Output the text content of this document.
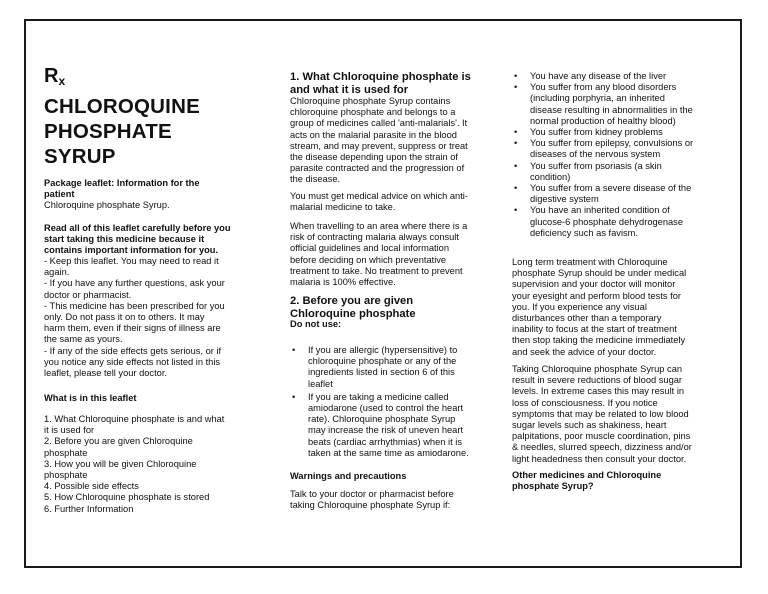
$R_x$
CHLOROQUINE
PHOSPHATE
SYRUP
Package leaflet: Information for the
patient
Chloroquine phosphate Syrup.
Read all of this leaflet carefully before you
start taking this medicine because it
contains important information for you.
- Keep this leaflet. You may need to read it
again.
- If you have any further questions, ask your
doctor or pharmacist.
- This medicine has been prescribed for you
only. Do not pass it on to others. It may
harm them, even if their signs of illness are
the same as yours.
- If any of the side effects gets serious, or if
you notice any side effects not listed in this
leaflet, please tell your doctor.
What is in this leaflet
1. What Chloroquine phosphate is and what
it is used for
2. Before you are given Chloroquine
phosphate
3. How you will be given Chloroquine
phosphate
4. Possible side effects
5. How Chloroquine phosphate is stored
6. Further Information
1. What Chloroquine phosphate is
and what it is used for
Chloroquine phosphate Syrup contains
chloroquine phosphate and belongs to a
group of medicines called 'anti-malarials'. It
acts on the malarial parasite in the blood
stream, and may prevent, suppress or treat
the disease depending upon the strain of
parasite contracted and the progression of
the disease.
You must get medical advice on which anti-
malarial medicine to take.
When travelling to an area where there is a
risk of contracting malaria always consult
official guidelines and local information
before deciding on which preventative
treatment to take. No treatment to prevent
malaria is 100% effective.
2. Before you are given
Chloroquine phosphate
Do not use:
• If you are allergic (hypersensitive) to
chloroquine phosphate or any of the
ingredients listed in section 6 of this
leaflet
• If you are taking a medicine called
amiodarone (used to control the heart
rate). Chloroquine phosphate Syrup
may increase the risk of uneven heart
beats (cardiac arrhythmias) when it is
taken at the same time as amiodarone.
Warnings and precautions
Talk to your doctor or pharmacist before
taking Chloroquine phosphate Syrup if:
• You have any disease of the liver
• You suffer from any blood disorders
(including porphyria, an inherited
disease resulting in abnormalities in the
normal production of healthy blood)
• You suffer from kidney problems
• You suffer from epilepsy, convulsions or
diseases of the nervous system
• You suffer from psoriasis (a skin
condition)
• You suffer from a severe disease of the
digestive system
• You have an inherited condition of
glucose-6 phosphate dehydrogenase
deficiency such as favism.
Long term treatment with Chloroquine
phosphate Syrup should be under medical
supervision and your doctor will monitor
your eyesight and perform blood tests for
you. If you experience any visual
disturbances other than a temporary
inability to focus at the start of treatment
then stop taking the medicine immediately
and seek the advice of your doctor.
Taking Chloroquine phosphate Syrup can
result in severe reductions of blood sugar
levels. In extreme cases this may result in
loss of consciousness. If you notice
symptoms that may be related to low blood
sugar levels such as shakiness, heart
palpitations, poor muscle coordination, pins
& needles, slurred speech, dizziness and/or
light headedness then consult your doctor.
Other medicines and Chloroquine
phosphate Syrup?
